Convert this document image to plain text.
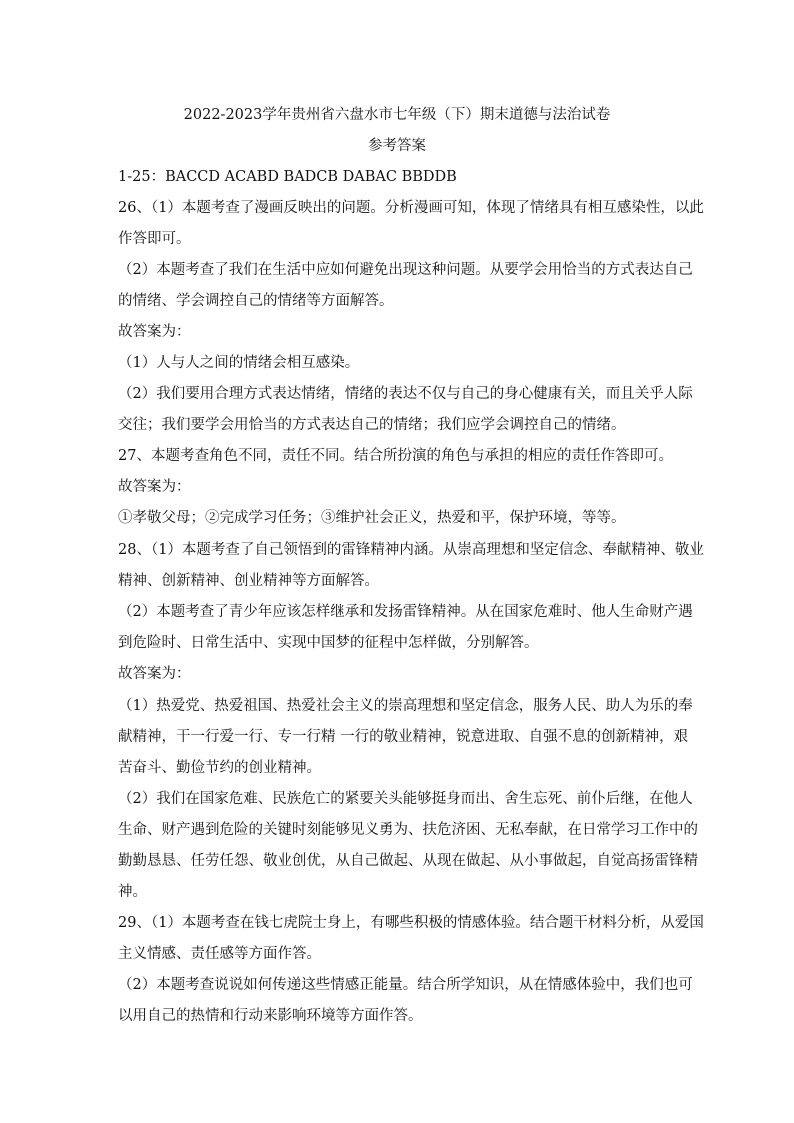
2022-2023学年贵州省六盘水市七年级（下）期末道德与法治试卷
参考答案
1-25：BACCD ACABD BADCB DABAC BBDDB
26、（1）本题考查了漫画反映出的问题。分析漫画可知，体现了情绪具有相互感染性，以此
作答即可。
（2）本题考查了我们在生活中应如何避免出现这种问题。从要学会用恰当的方式表达自己
的情绪、学会调控自己的情绪等方面解答。
故答案为：
（1）人与人之间的情绪会相互感染。
（2）我们要用合理方式表达情绪，情绪的表达不仅与自己的身心健康有关，而且关乎人际
交往；我们要学会用恰当的方式表达自己的情绪；我们应学会调控自己的情绪。
27、本题考查角色不同，责任不同。结合所扮演的角色与承担的相应的责任作答即可。
故答案为：
①孝敬父母；②完成学习任务；③维护社会正义，热爱和平，保护环境，等等。
28、（1）本题考查了自己领悟到的雷锋精神内涵。从崇高理想和坚定信念、奉献精神、敬业
精神、创新精神、创业精神等方面解答。
（2）本题考查了青少年应该怎样继承和发扬雷锋精神。从在国家危难时、他人生命财产遇
到危险时、日常生活中、实现中国梦的征程中怎样做，分别解答。
故答案为：
（1）热爱党、热爱祖国、热爱社会主义的崇高理想和坚定信念，服务人民、助人为乐的奉
献精神，干一行爱一行、专一行精 一行的敬业精神，锐意进取、自强不息的创新精神，艰
苦奋斗、勤俭节约的创业精神。
（2）我们在国家危难、民族危亡的紧要关头能够挺身而出、舍生忘死、前仆后继，在他人
生命、财产遇到危险的关键时刻能够见义勇为、扶危济困、无私奉献，在日常学习工作中的
勤勤恳恳、任劳任怨、敬业创优，从自己做起、从现在做起、从小事做起，自觉高扬雷锋精
神。
29、（1）本题考查在钱七虎院士身上，有哪些积极的情感体验。结合题干材料分析，从爱国
主义情感、责任感等方面作答。
（2）本题考查说说如何传递这些情感正能量。结合所学知识，从在情感体验中，我们也可
以用自己的热情和行动来影响环境等方面作答。
